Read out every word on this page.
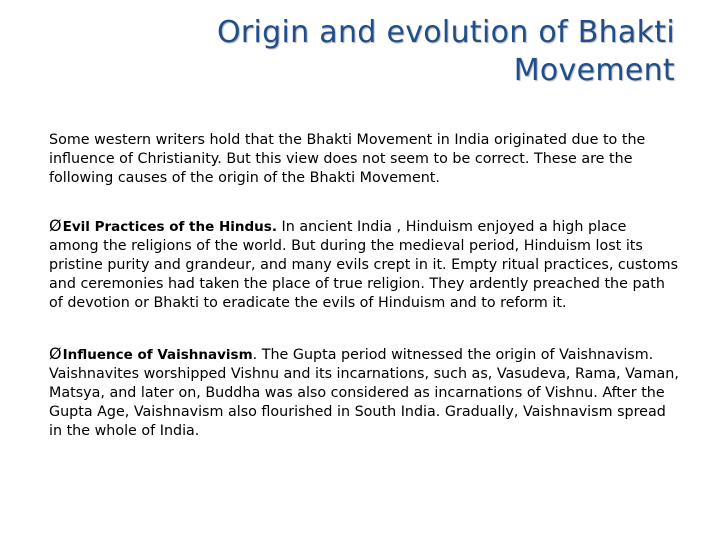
Origin and evolution of Bhakti
Movement

Some western writers hold that the Bhakti Movement in India originated due to the influence of Christianity. But this view does not seem to be correct. These are the following causes of the origin of the Bhakti Movement.

ØEvil Practices of the Hindus. In ancient India , Hinduism enjoyed a high place among the religions of the world. But during the medieval period, Hinduism lost its pristine purity and grandeur, and many evils crept in it. Empty ritual practices, customs and ceremonies had taken the place of true religion. They ardently preached the path of devotion or Bhakti to eradicate the evils of Hinduism and to reform it.

ØInfluence of Vaishnavism. The Gupta period witnessed the origin of Vaishnavism. Vaishnavites worshipped Vishnu and its incarnations, such as, Vasudeva, Rama, Vaman, Matsya, and later on, Buddha was also considered as incarnations of Vishnu. After the Gupta Age, Vaishnavism also flourished in South India. Gradually, Vaishnavism spread in the whole of India.
